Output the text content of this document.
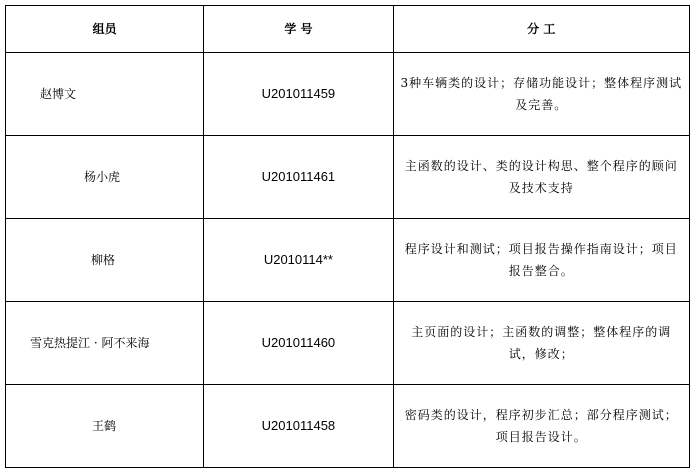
组员	学 号	分 工
赵博文	U201011459	3种车辆类的设计；存储功能设计；整体程序测试及完善。
杨小虎	U201011461	主函数的设计、类的设计构思、整个程序的顾问及技术支持
柳格	U2010114**	程序设计和测试；项目报告操作指南设计；项目报告整合。
雪克热提江 · 阿不来海	U201011460	主页面的设计；主函数的调整；整体程序的调试，修改；
王鹤	U201011458	密码类的设计，程序初步汇总；部分程序测试；项目报告设计。
